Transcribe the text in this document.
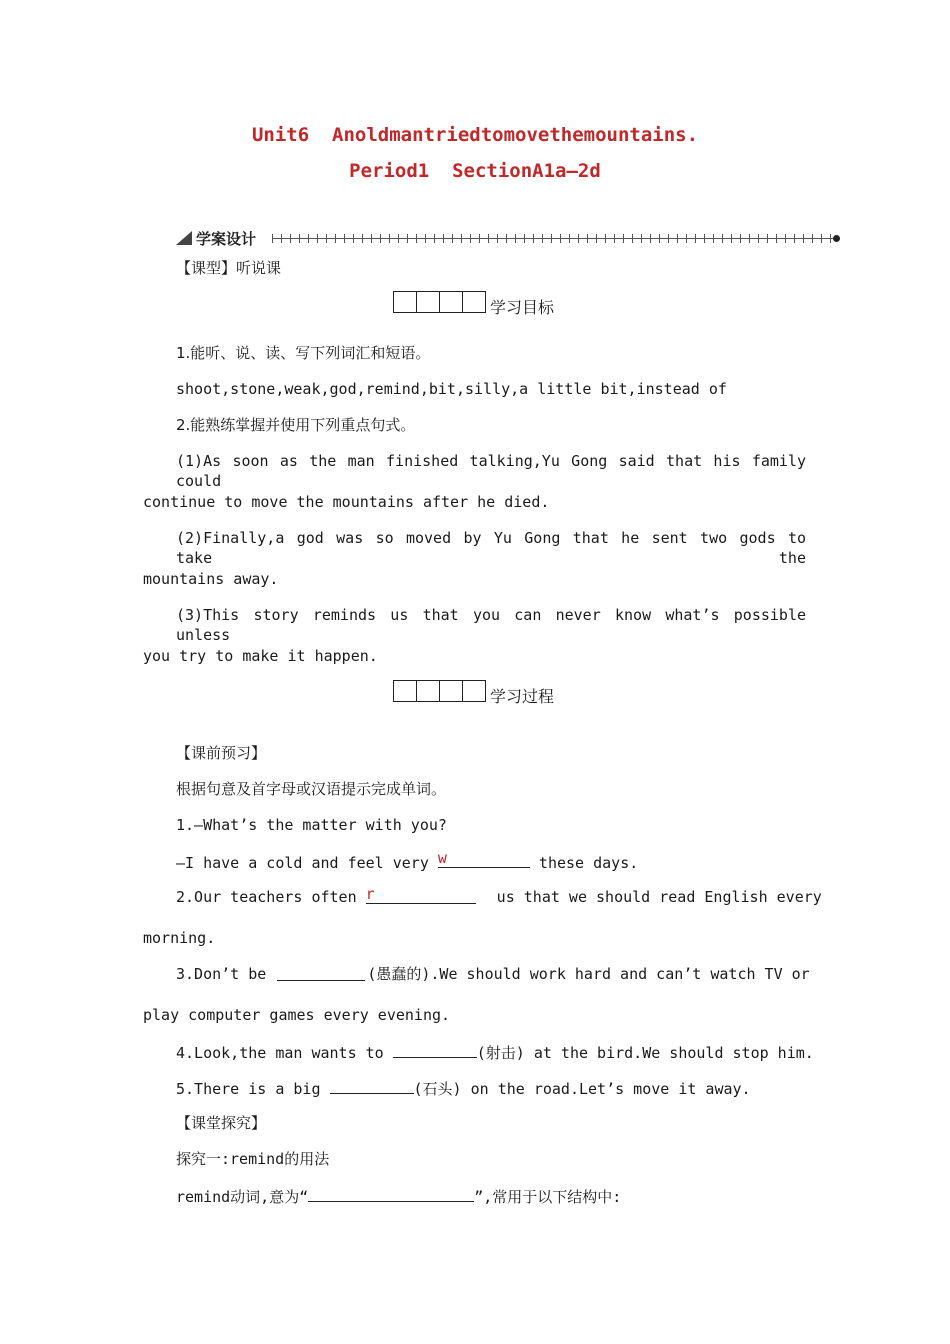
Unit6  Anoldmantriedtomovethemountains.
Period1  SectionA1a—2d
学案设计
【课型】听说课
学习目标
1.能听、说、读、写下列词汇和短语。
shoot,stone,weak,god,remind,bit,silly,a little bit,instead of
2.能熟练掌握并使用下列重点句式。
(1)As soon as the man finished talking,Yu Gong said that his family could
continue to move the mountains after he died.
(2)Finally,a god was so moved by Yu Gong that he sent two gods to take the
mountains away.
(3)This story reminds us that you can never know what’s possible unless
you try to make it happen.
学习过程
【课前预习】
根据句意及首字母或汉语提示完成单词。
1.—What’s the matter with you?
—I have a cold and feel very w	these days.
2.Our teachers often r	us that we should read English every
morning.
3.Don’t be	(愚蠢的).We should work hard and can’t watch TV or
play computer games every evening.
4.Look,the man wants to	(射击) at the bird.We should stop him.
5.There is a big	(石头) on the road.Let’s move it away.
【课堂探究】
探究一:remind的用法
remind动词,意为“	”,常用于以下结构中:
